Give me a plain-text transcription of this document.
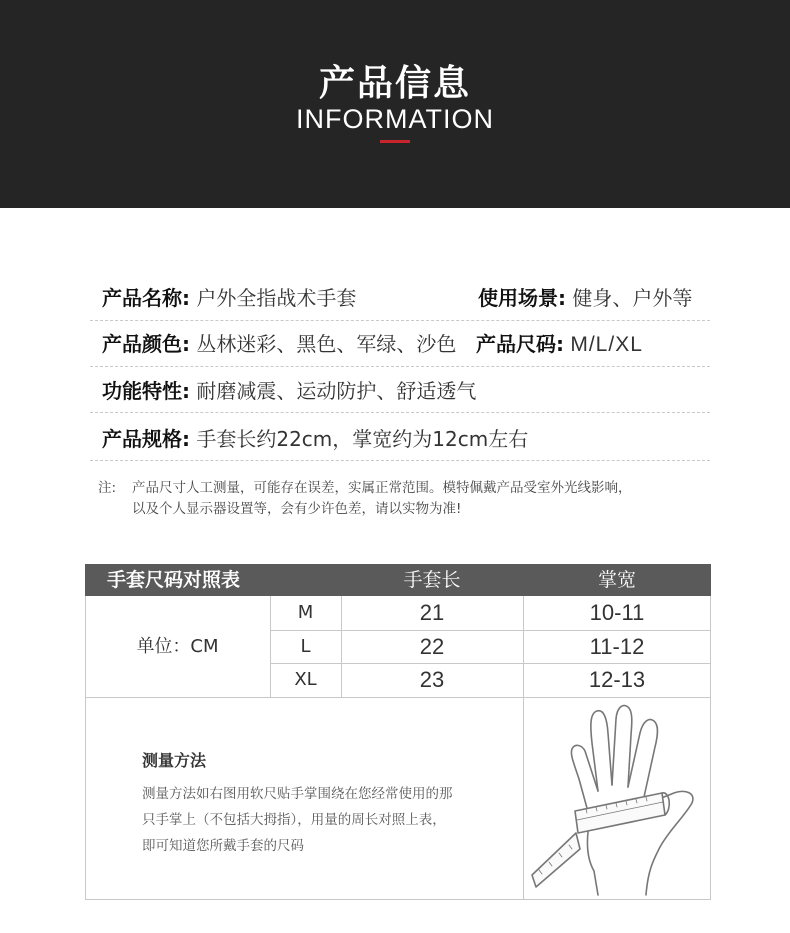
产品信息
INFORMATION
产品名称: 户外全指战术手套	使用场景: 健身、户外等
产品颜色: 丛林迷彩、黑色、军绿、沙色 产品尺码: M/L/XL
功能特性: 耐磨减震、运动防护、舒适透气
产品规格: 手套长约22cm，掌宽约为12cm左右
注: 产品尺寸人工测量，可能存在误差，实属正常范围。模特佩戴产品受室外光线影响，
以及个人显示器设置等，会有少许色差，请以实物为准!
手套尺码对照表	手套长	掌宽
单位：CM
M	21	10-11
L	22	11-12
XL	23	12-13
测量方法
测量方法如右图用软尺贴手掌围绕在您经常使用的那
只手掌上（不包括大拇指），用量的周长对照上表，
即可知道您所戴手套的尺码
